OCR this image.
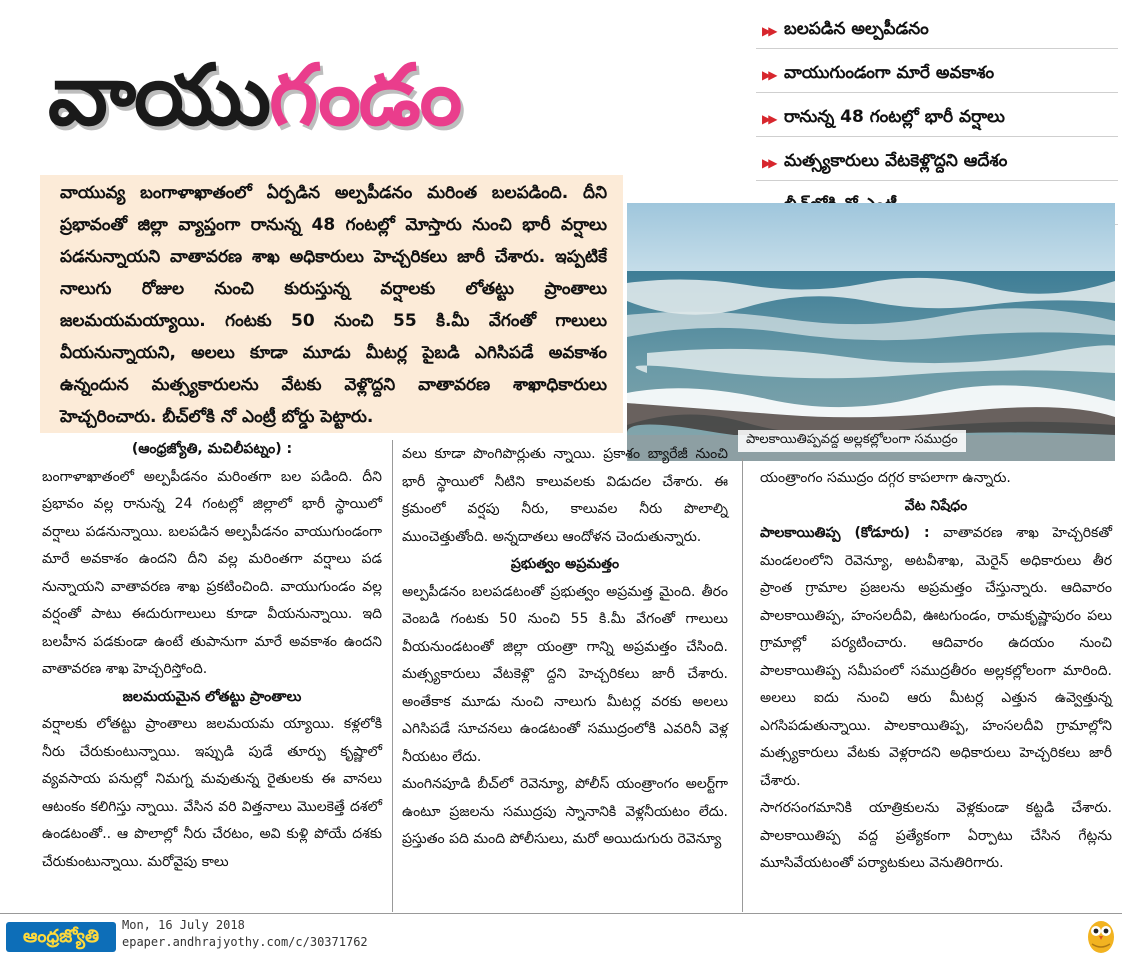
వాయుగండం
▶▶ బలపడిన అల్పపీడనం
▶▶ వాయుగుండంగా మారే అవకాశం
▶▶ రానున్న 48 గంటల్లో భారీ వర్షాలు
▶▶ మత్స్యకారులు వేటకెళ్లొద్దని ఆదేశం

వాయువ్య బంగాళాఖాతంలో ఏర్పడిన అల్పపీడనం మరింత బలపడింది. దీని ప్రభావంతో జిల్లా వ్యాప్తంగా రానున్న 48 గంటల్లో మోస్తారు నుంచి భారీ వర్షాలు పడనున్నాయని వాతావరణ శాఖ అధికారులు హెచ్చరికలు జారీ చేశారు. ఇప్పటికే నాలుగు రోజుల నుంచి కురుస్తున్న వర్షాలకు లోతట్టు ప్రాంతాలు జలమయమయ్యాయి. గంటకు 50 నుంచి 55 కి.మీ వేగంతో గాలులు వీయనున్నాయని, అలలు కూడా మూడు మీటర్ల పైబడి ఎగిసిపడే అవకాశం ఉన్నందున మత్స్యకారులను వేటకు వెళ్లొద్దని వాతావరణ శాఖాధికారులు హెచ్చరించారు. బీచ్‌లోకి నో ఎంట్రీ బోర్డు పెట్టారు.

పాలకాయితిప్పవద్ద అల్లకల్లోలంగా సముద్రం

(ఆంధ్రజ్యోతి, మచిలీపట్నం) :

బంగాళాఖాతంలో అల్పపీడనం మరింతగా బల పడింది. దీని ప్రభావం వల్ల రానున్న 24 గంటల్లో జిల్లాలో భారీ స్థాయిలో వర్షాలు పడనున్నాయి. బలపడిన అల్పపీడనం వాయుగుండంగా మారే అవకాశం ఉందని దీని వల్ల మరింతగా వర్షాలు పడ నున్నాయని వాతావరణ శాఖ ప్రకటించింది. వాయుగుండం వల్ల వర్షంతో పాటు ఈదురుగాలులు కూడా వీయనున్నాయి. ఇది బలహీన పడకుండా ఉంటే తుపానుగా మారే అవకాశం ఉందని వాతావరణ శాఖ హెచ్చరిస్తోంది.

జలమయమైన లోతట్టు ప్రాంతాలు

వర్షాలకు లోతట్టు ప్రాంతాలు జలమయమ య్యాయి. కళ్లలోకి నీరు చేరుకుంటున్నాయి. ఇప్పుడి పుడే తూర్పు కృష్ణాలో వ్యవసాయ పనుల్లో నిమగ్న మవుతున్న రైతులకు ఈ వానలు ఆటంకం కలిగిస్తు న్నాయి. వేసిన వరి విత్తనాలు మొలకెత్తే దశలో ఉండటంతో.. ఆ పొలాల్లో నీరు చేరటం, అవి కుళ్లి పోయే దశకు చేరుకుంటున్నాయి. మరోవైపు కాలు

వలు కూడా పొంగిపొర్లుతు న్నాయి. ప్రకాశం బ్యారేజీ నుంచి భారీ స్థాయిలో నీటిని కాలువలకు విడుదల చేశారు. ఈ క్రమంలో వర్షపు నీరు, కాలువల నీరు పొలాల్ని ముంచెత్తుతోంది. అన్నదాతలు ఆందోళన చెందుతున్నారు.

ప్రభుత్వం అప్రమత్తం

అల్పపీడనం బలపడటంతో ప్రభుత్వం అప్రమత్త మైంది. తీరం వెంబడి గంటకు 50 నుంచి 55 కి.మీ వేగంతో గాలులు వీయనుండటంతో జిల్లా యంత్రా గాన్ని అప్రమత్తం చేసింది. మత్స్యకారులు వేటకెళ్లొ ద్దని హెచ్చరికలు జారీ చేశారు. అంతేకాక మూడు నుంచి నాలుగు మీటర్ల వరకు అలలు ఎగిసిపడే సూచనలు ఉండటంతో సముద్రంలోకి ఎవరినీ వెళ్ల నీయటం లేదు.

మంగినపూడి బీచ్‌లో రెవెన్యూ, పోలీస్ యంత్రాంగం అలర్ట్‌గా ఉంటూ ప్రజలను సముద్రపు స్నానానికి వెళ్లనీయటం లేదు. ప్రస్తుతం పది మంది పోలీసులు, మరో అయిదుగురు రెవెన్యూ

యంత్రాంగం సముద్రం దగ్గర కాపలాగా ఉన్నారు.

వేట నిషేధం

పాలకాయితిప్ప (కోడూరు) : వాతావరణ శాఖ హెచ్చరికతో మండలంలోని రెవెన్యూ, అటవీశాఖ, మెరైన్ అధికారులు తీర ప్రాంత గ్రామాల ప్రజలను అప్రమత్తం చేస్తున్నారు. ఆదివారం పాలకాయితిప్ప, హంసలదీవి, ఊటగుండం, రామకృష్ణాపురం పలు గ్రామాల్లో పర్యటించారు. ఆదివారం ఉదయం నుంచి పాలకాయితిప్ప సమీపంలో సముద్రతీరం అల్లకల్లోలంగా మారింది. అలలు ఐదు నుంచి ఆరు మీటర్ల ఎత్తున ఉవ్వెత్తున్న ఎగసిపడుతున్నాయి. పాలకాయితిప్ప, హంసలదీవి గ్రామాల్లోని మత్స్యకారులు వేటకు వెళ్లరాదని అధికారులు హెచ్చరికలు జారీ చేశారు.

సాగరసంగమానికి యాత్రికులను వెళ్లకుండా కట్టడి చేశారు. పాలకాయితిప్ప వద్ద ప్రత్యేకంగా ఏర్పాటు చేసిన గేట్లను మూసివేయటంతో పర్యాటకులు వెనుతిరిగారు.

ఆంధ్రజ్యోతి
Mon, 16 July 2018
epaper.andhrajyothy.com/c/30371762
